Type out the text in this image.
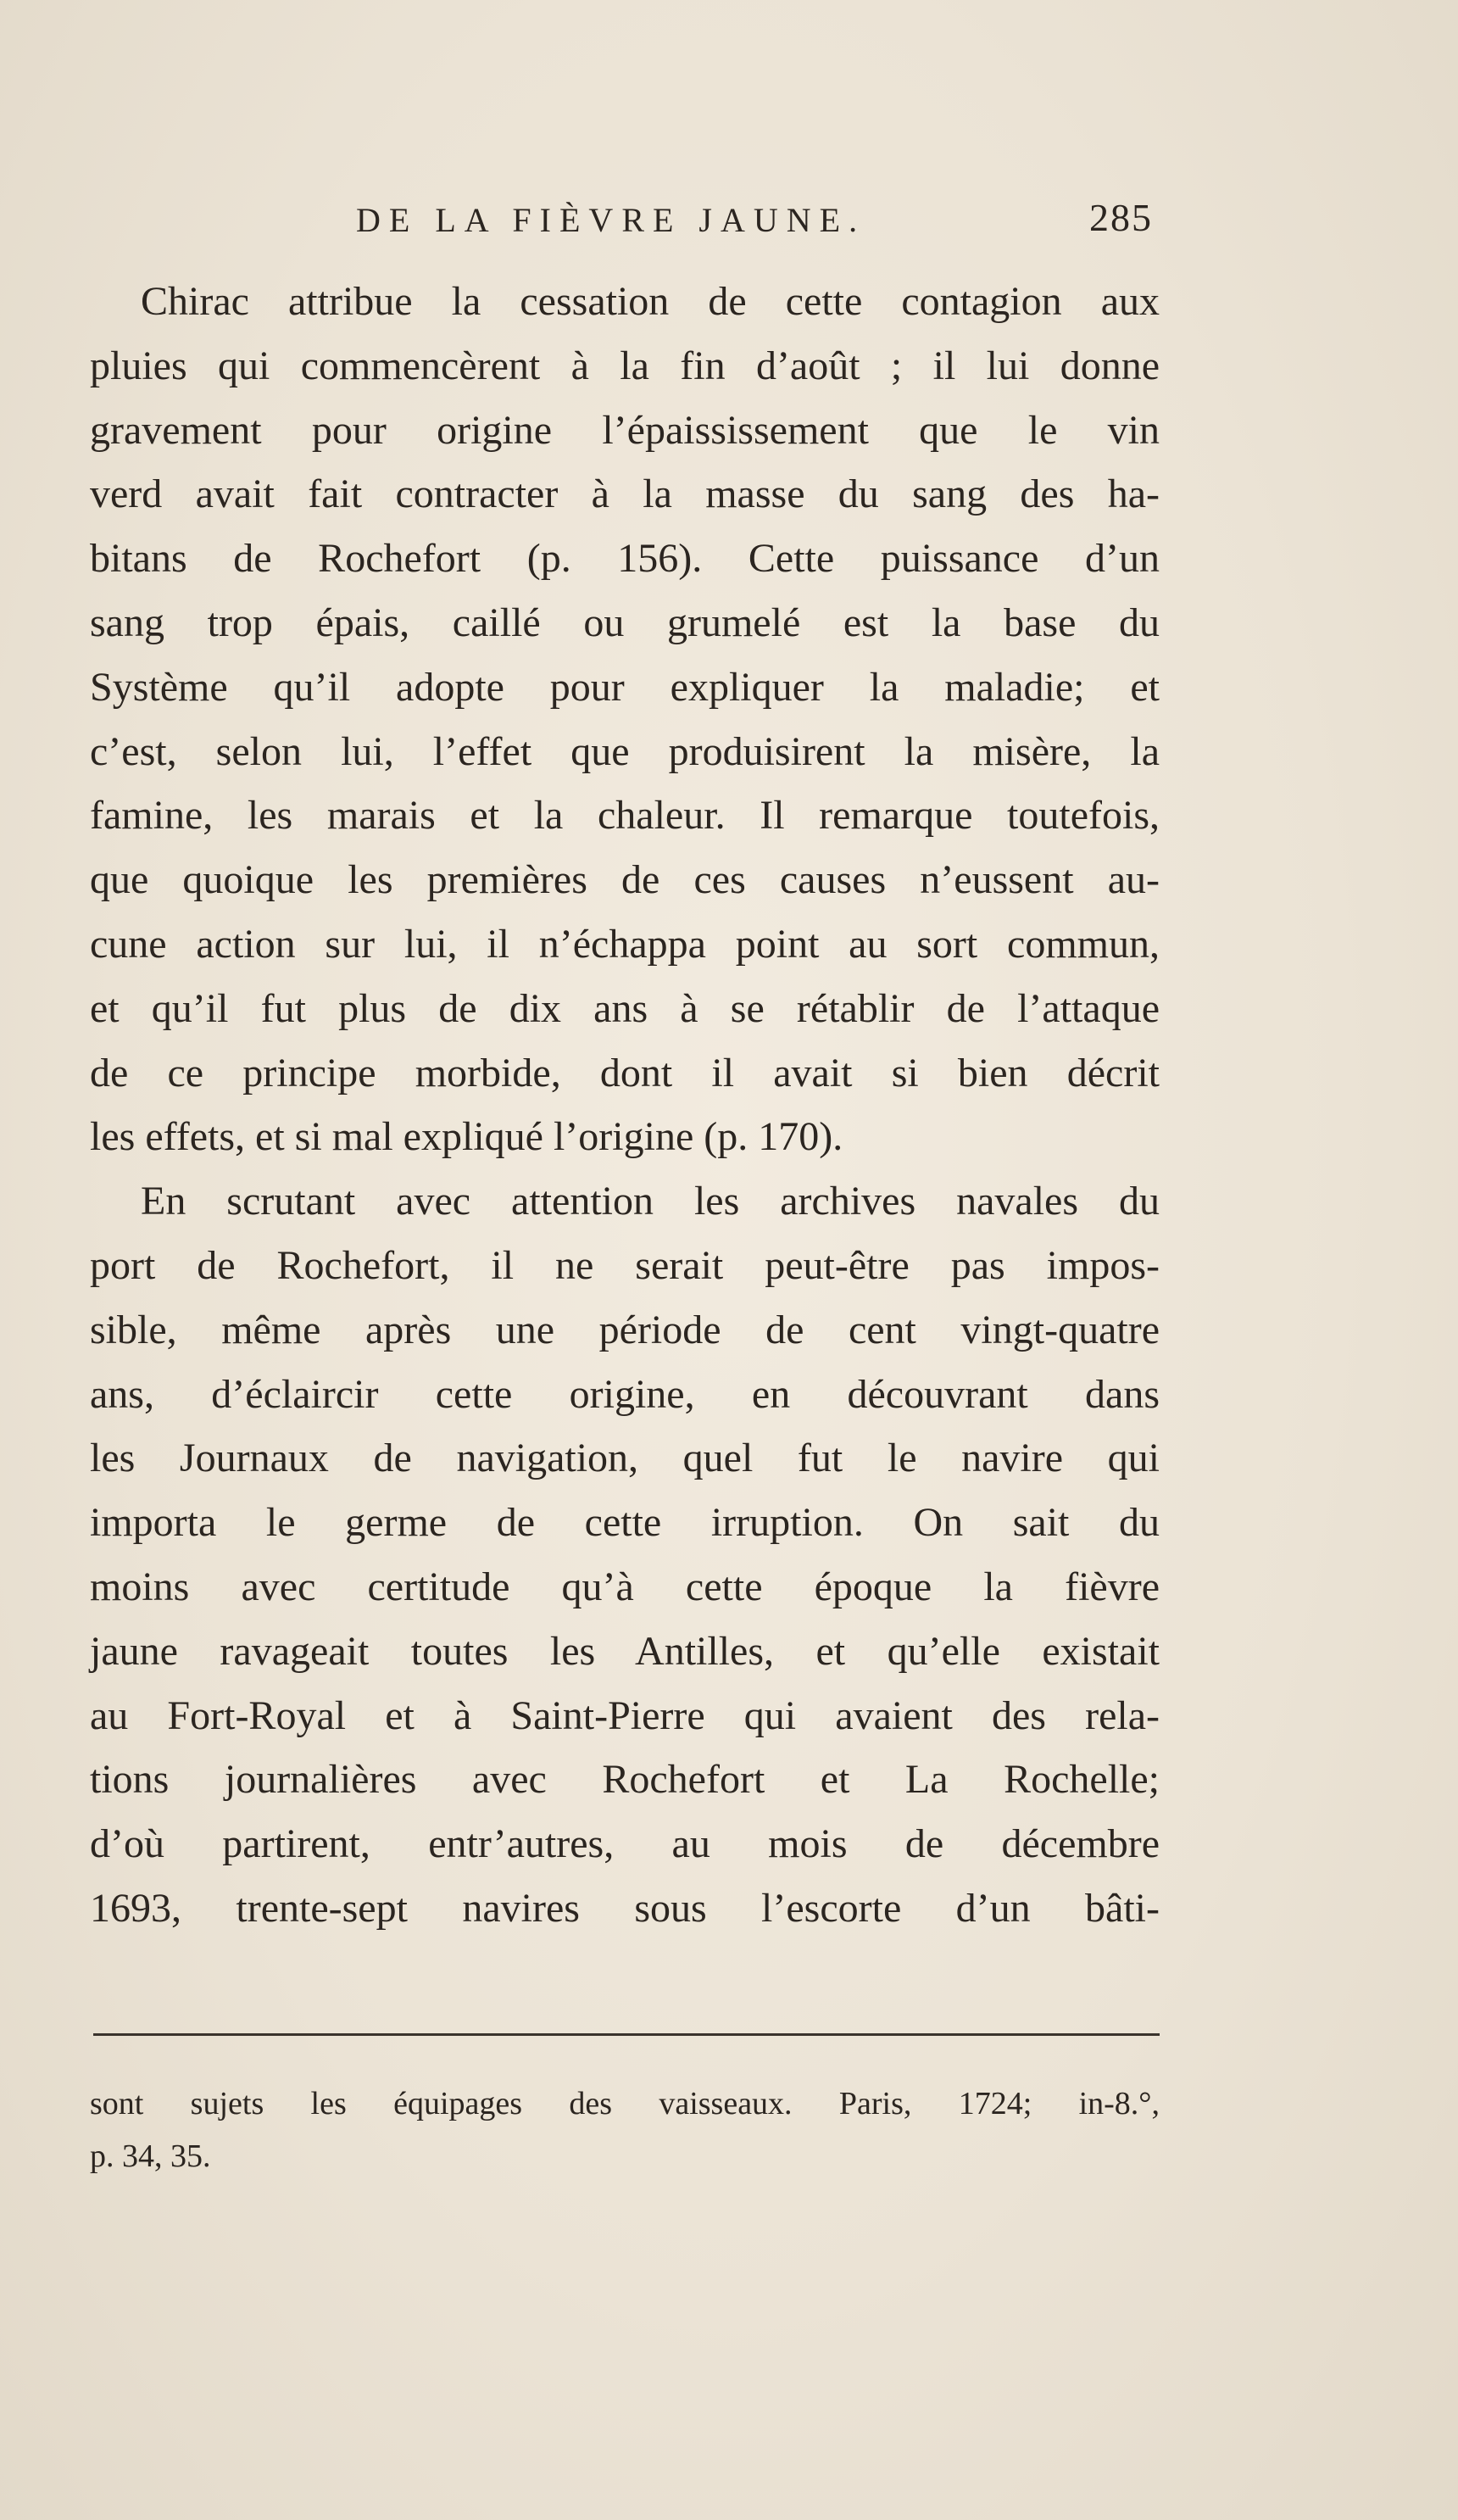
DE LA FIÈVRE JAUNE.	285
Chirac attribue la cessation de cette contagion aux
pluies qui commencèrent à la fin d’août ; il lui donne
gravement pour origine l’épaississement que le vin
verd avait fait contracter à la masse du sang des ha-
bitans de Rochefort (p. 156). Cette puissance d’un
sang trop épais, caillé ou grumelé est la base du
Système qu’il adopte pour expliquer la maladie; et
c’est, selon lui, l’effet que produisirent la misère, la
famine, les marais et la chaleur. Il remarque toutefois,
que quoique les premières de ces causes n’eussent au-
cune action sur lui, il n’échappa point au sort commun,
et qu’il fut plus de dix ans à se rétablir de l’attaque
de ce principe morbide, dont il avait si bien décrit
les effets, et si mal expliqué l’origine (p. 170).
En scrutant avec attention les archives navales du
port de Rochefort, il ne serait peut-être pas impos-
sible, même après une période de cent vingt-quatre
ans, d’éclaircir cette origine, en découvrant dans
les Journaux de navigation, quel fut le navire qui
importa le germe de cette irruption. On sait du
moins avec certitude qu’à cette époque la fièvre
jaune ravageait toutes les Antilles, et qu’elle existait
au Fort-Royal et à Saint-Pierre qui avaient des rela-
tions journalières avec Rochefort et La Rochelle;
d’où partirent, entr’autres, au mois de décembre
1693, trente-sept navires sous l’escorte d’un bâti-
sont sujets les équipages des vaisseaux. Paris, 1724; in-8.°,
p. 34, 35.
